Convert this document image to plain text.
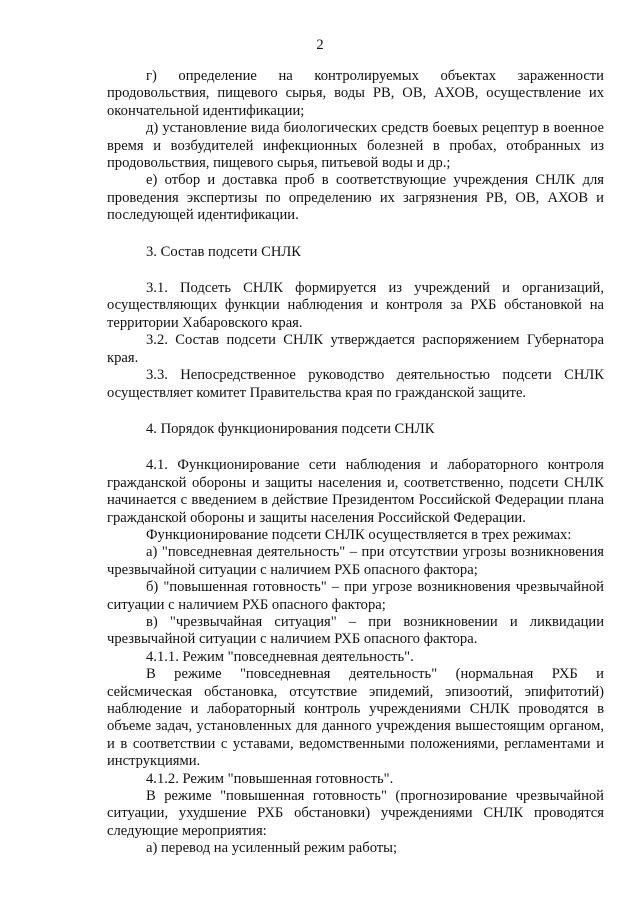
2

г) определение на контролируемых объектах зараженности продовольствия, пищевого сырья, воды РВ, ОВ, АХОВ, осуществление их окончательной идентификации;

д) установление вида биологических средств боевых рецептур в военное время и возбудителей инфекционных болезней в пробах, отобранных из продовольствия, пищевого сырья, питьевой воды и др.;

е) отбор и доставка проб в соответствующие учреждения СНЛК для проведения экспертизы по определению их загрязнения РВ, ОВ, АХОВ и последующей идентификации.

3. Состав подсети СНЛК

3.1. Подсеть СНЛК формируется из учреждений и организаций, осуществляющих функции наблюдения и контроля за РХБ обстановкой на территории Хабаровского края.

3.2. Состав подсети СНЛК утверждается распоряжением Губернатора края.

3.3. Непосредственное руководство деятельностью подсети СНЛК осуществляет комитет Правительства края по гражданской защите.

4. Порядок функционирования подсети СНЛК

4.1. Функционирование сети наблюдения и лабораторного контроля гражданской обороны и защиты населения и, соответственно, подсети СНЛК начинается с введением в действие Президентом Российской Федерации плана гражданской обороны и защиты населения Российской Федерации.

Функционирование подсети СНЛК осуществляется в трех режимах:

а) "повседневная деятельность" – при отсутствии угрозы возникновения чрезвычайной ситуации с наличием РХБ опасного фактора;

б) "повышенная готовность" – при угрозе возникновения чрезвычайной ситуации с наличием РХБ опасного фактора;

в) "чрезвычайная ситуация" – при возникновении и ликвидации чрезвычайной ситуации с наличием РХБ опасного фактора.

4.1.1. Режим "повседневная деятельность".

В режиме "повседневная деятельность" (нормальная РХБ и сейсмическая обстановка, отсутствие эпидемий, эпизоотий, эпифитотий) наблюдение и лабораторный контроль учреждениями СНЛК проводятся в объеме задач, установленных для данного учреждения вышестоящим органом, и в соответствии с уставами, ведомственными положениями, регламентами и инструкциями.

4.1.2. Режим "повышенная готовность".

В режиме "повышенная готовность" (прогнозирование чрезвычайной ситуации, ухудшение РХБ обстановки) учреждениями СНЛК проводятся следующие мероприятия:

а) перевод на усиленный режим работы;
